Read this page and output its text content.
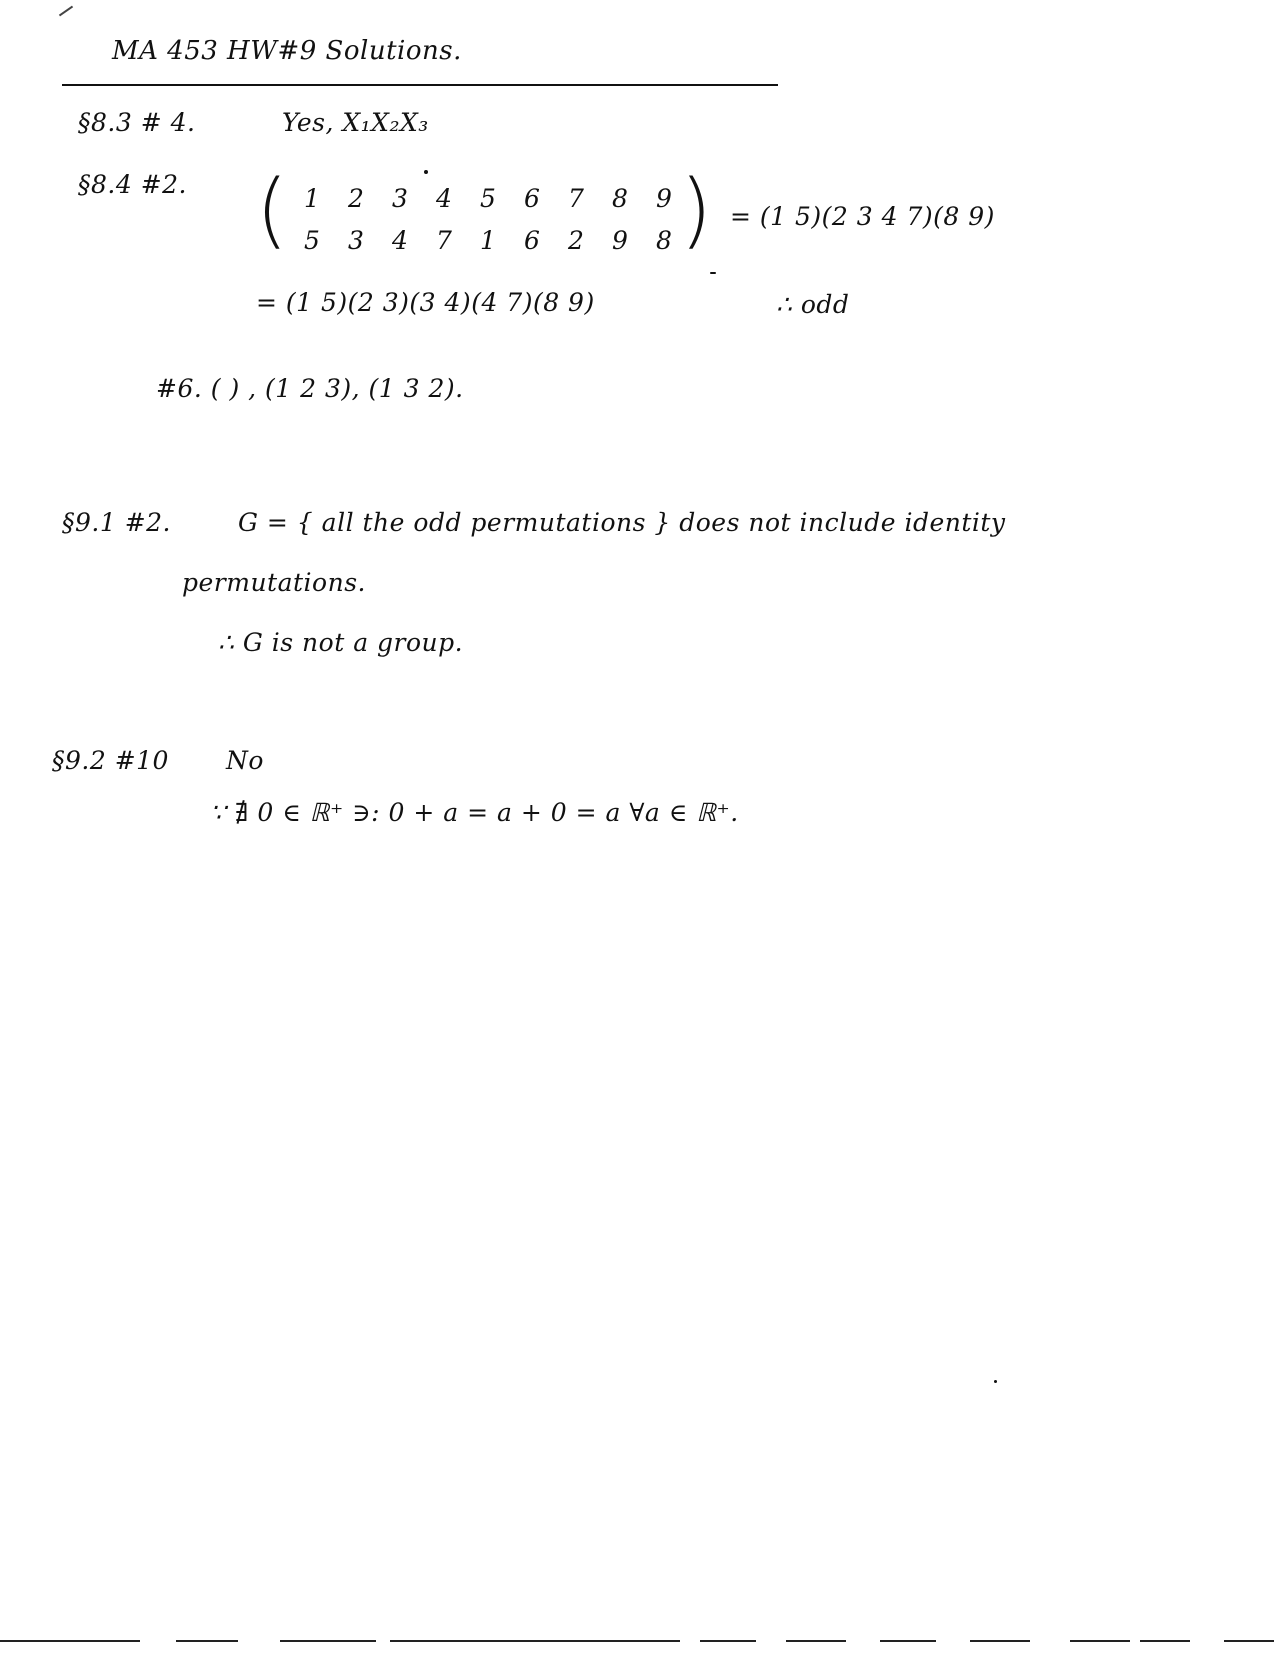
MA 453 HW#9 Solutions.
§8.3 # 4.	Yes, X₁X₂X₃
§8.4 #2. ( 1	2	3	4	5	6	7	8	9
5	3	4	7	1	6	2	9	8 ) = (1 5)(2 3 4 7)(8 9)
= (1 5)(2 3)(3 4)(4 7)(8 9)	∴ odd
#6. ( ) , (1 2 3), (1 3 2).
§9.1 #2.	G = { all the odd permutations } does not include identity
permutations.
∴ G is not a group.
§9.2 #10 No
∵ ∄ 0 ∈ ℝ⁺ ∋: 0 + a = a + 0 = a ∀a ∈ ℝ⁺.
